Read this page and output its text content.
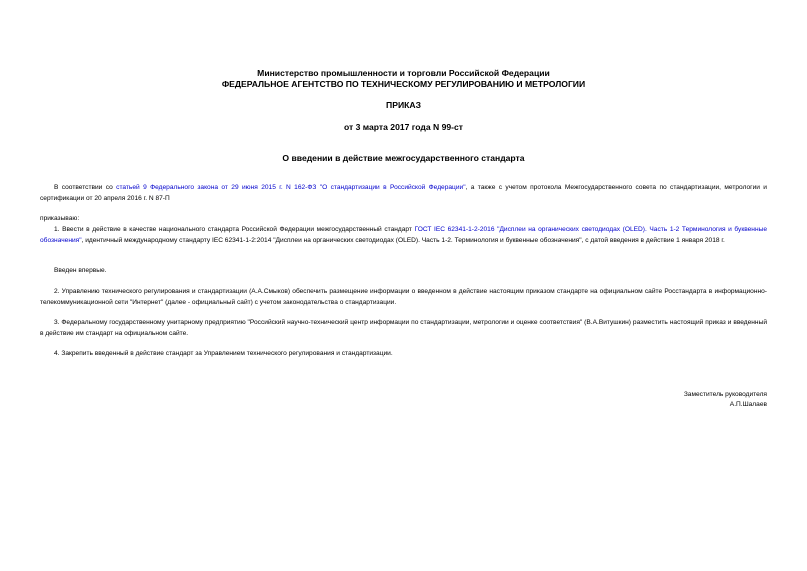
Министерство промышленности и торговли Российской Федерации
ФЕДЕРАЛЬНОЕ АГЕНТСТВО ПО ТЕХНИЧЕСКОМУ РЕГУЛИРОВАНИЮ И МЕТРОЛОГИИ
ПРИКАЗ
от 3 марта 2017 года N 99-ст
О введении в действие межгосударственного стандарта
В соответствии со статьей 9 Федерального закона от 29 июня 2015 г. N 162-ФЗ "О стандартизации в Российской Федерации", а также с учетом протокола Межгосударственного совета по стандартизации, метрологии и сертификации от 20 апреля 2016 г. N 87-П
приказываю:
1. Ввести в действие в качестве национального стандарта Российской Федерации межгосударственный стандарт ГОСТ IEC 62341-1-2-2016 "Дисплеи на органических светодиодах (OLED). Часть 1-2 Терминология и буквенные обозначения", идентичный международному стандарту IEC 62341-1-2:2014 "Дисплеи на органических светодиодах (OLED). Часть 1-2. Терминология и буквенные обозначения", с датой введения в действие 1 января 2018 г.
Введен впервые.
2. Управлению технического регулирования и стандартизации (А.А.Смыков) обеспечить размещение информации о введенном в действие настоящим приказом стандарте на официальном сайте Росстандарта в информационно-телекоммуникационной сети "Интернет" (далее - официальный сайт) с учетом законодательства о стандартизации.
3. Федеральному государственному унитарному предприятию "Российский научно-технический центр информации по стандартизации, метрологии и оценке соответствия" (В.А.Витушкин) разместить настоящий приказ и введенный в действие им стандарт на официальном сайте.
4. Закрепить введенный в действие стандарт за Управлением технического регулирования и стандартизации.
Заместитель руководителя
А.П.Шалаев
